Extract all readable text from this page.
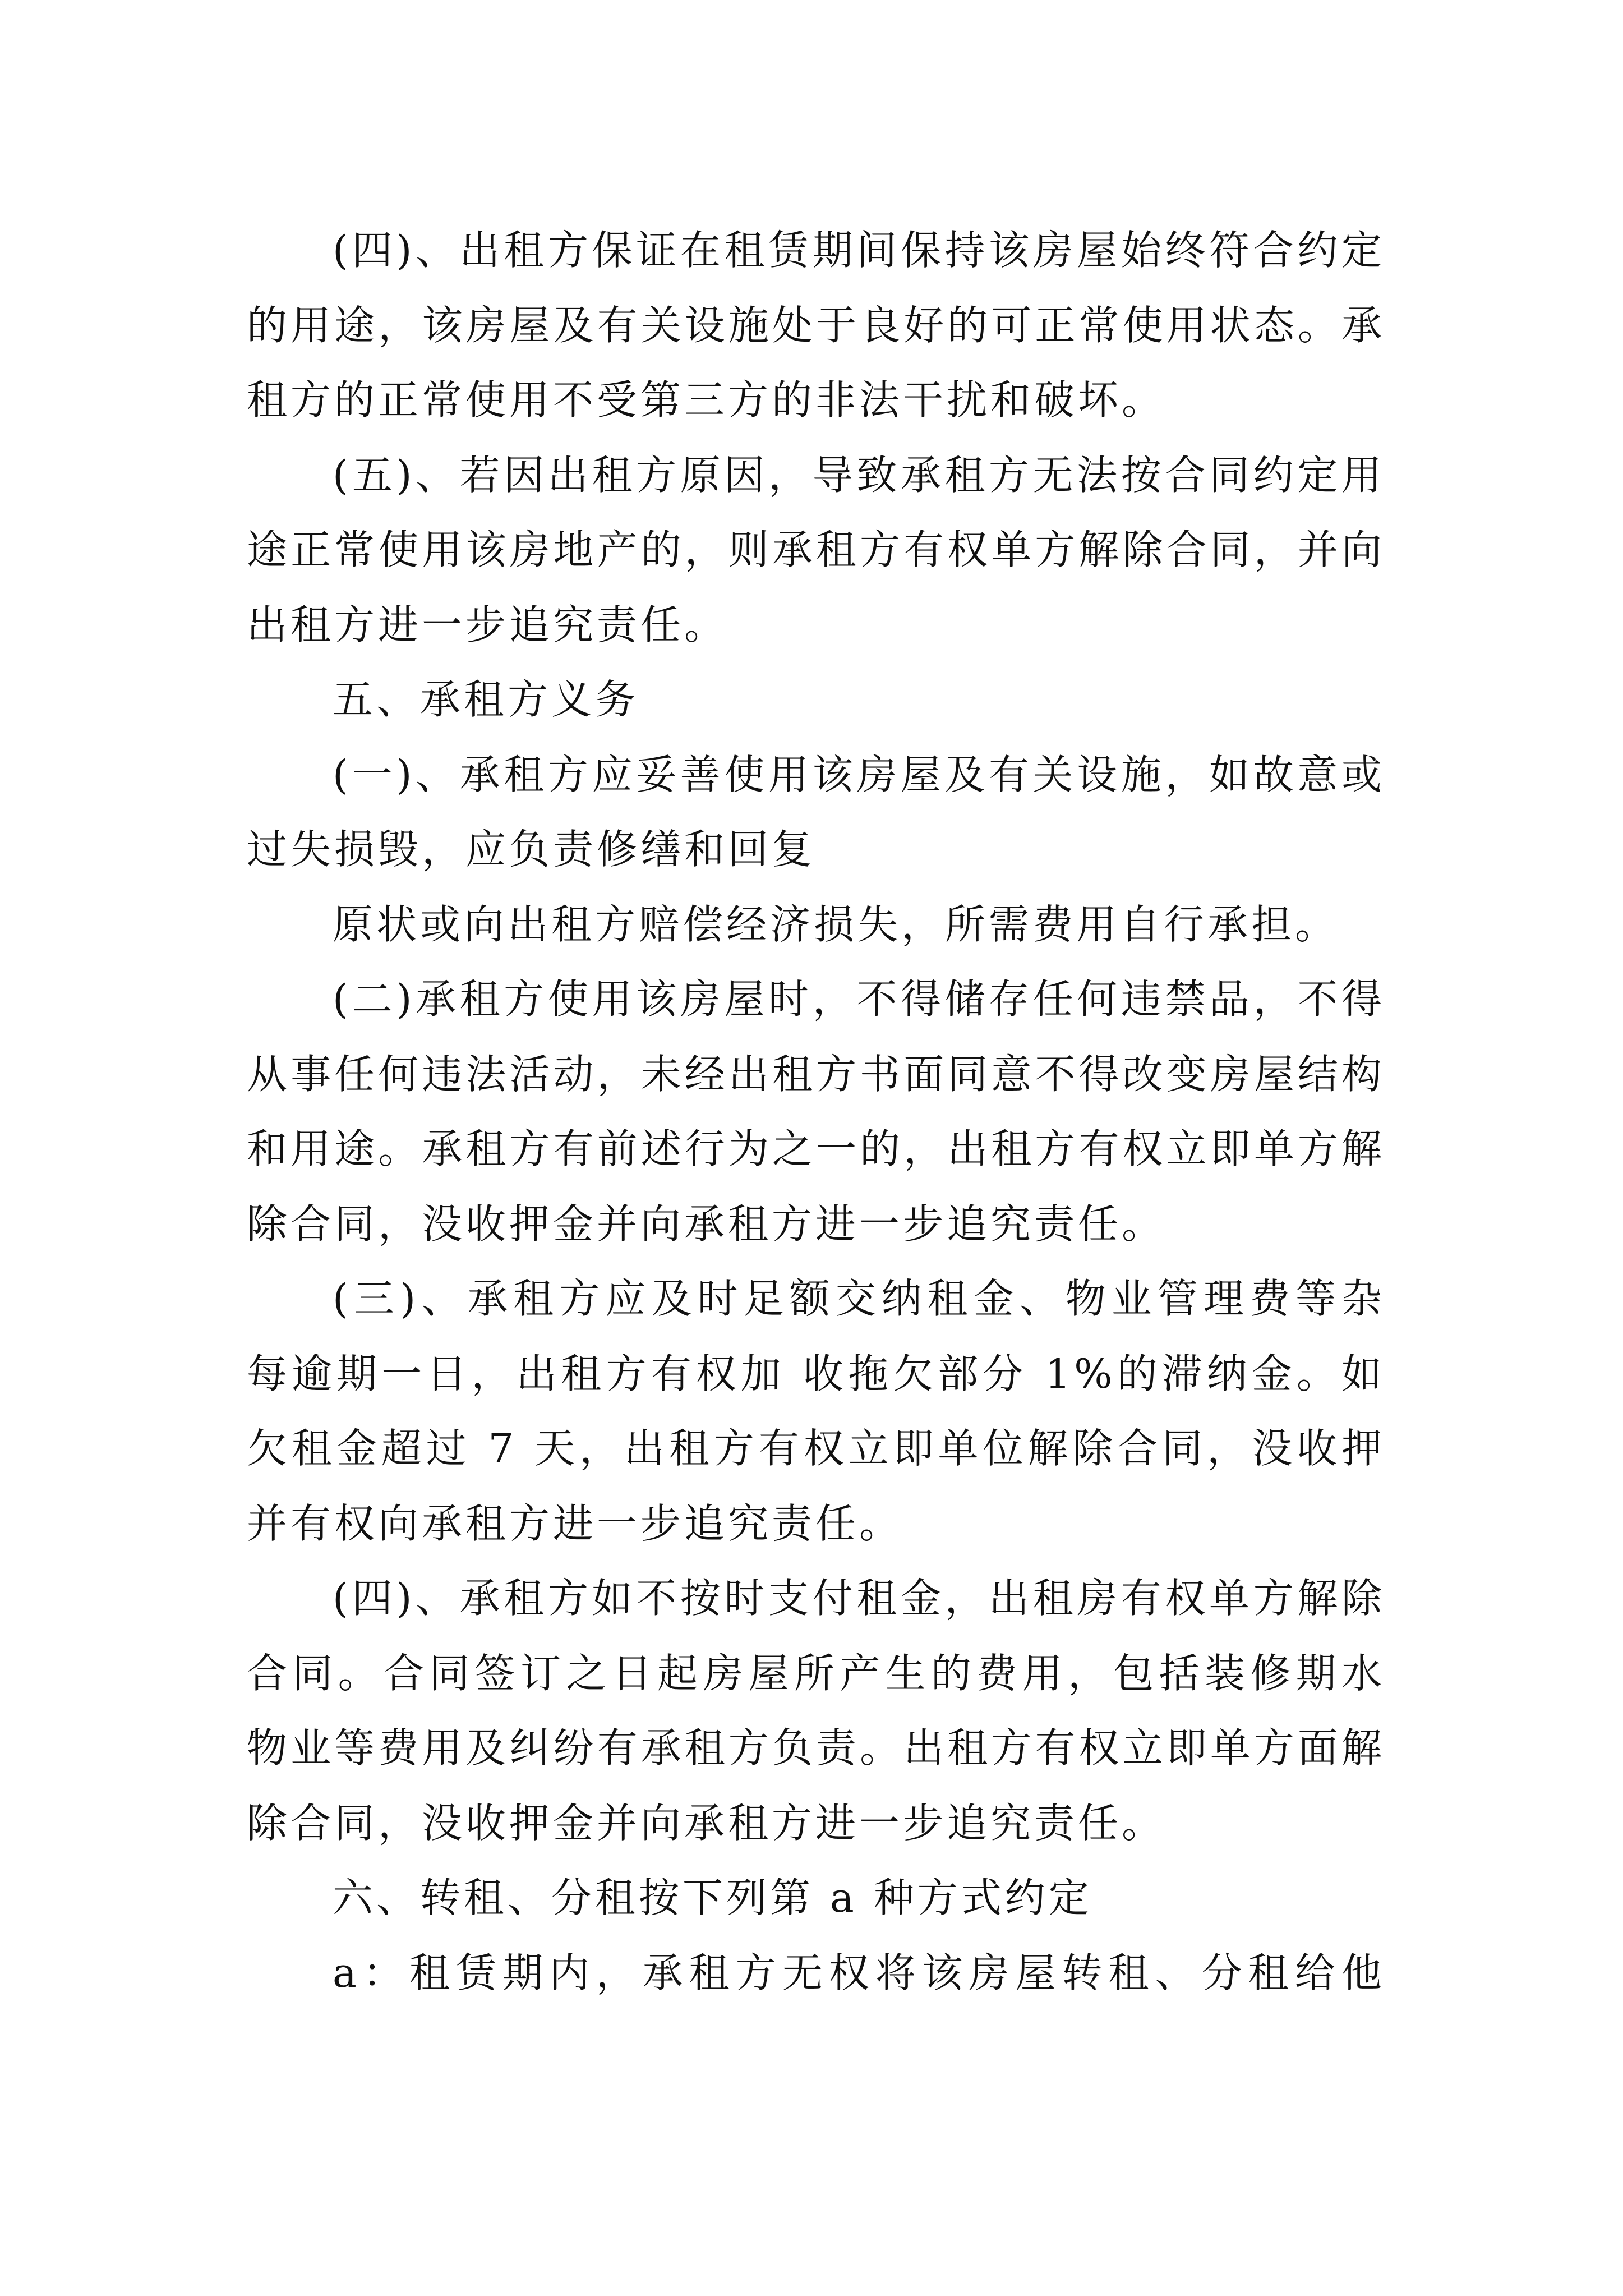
(四)、出租方保证在租赁期间保持该房屋始终符合约定
的用途，该房屋及有关设施处于良好的可正常使用状态。承
租方的正常使用不受第三方的非法干扰和破坏。
(五)、若因出租方原因，导致承租方无法按合同约定用
途正常使用该房地产的，则承租方有权单方解除合同，并向
出租方进一步追究责任。
五、承租方义务
(一)、承租方应妥善使用该房屋及有关设施，如故意或
过失损毁，应负责修缮和回复
原状或向出租方赔偿经济损失，所需费用自行承担。
(二)承租方使用该房屋时，不得储存任何违禁品，不得
从事任何违法活动，未经出租方书面同意不得改变房屋结构
和用途。承租方有前述行为之一的，出租方有权立即单方解
除合同，没收押金并向承租方进一步追究责任。
(三)、承租方应及时足额交纳租金、物业管理费等杂
每逾期一日，出租方有权加 收拖欠部分 1%的滞纳金。如
欠租金超过 7 天，出租方有权立即单位解除合同，没收押
并有权向承租方进一步追究责任。
(四)、承租方如不按时支付租金，出租房有权单方解除
合同。合同签订之日起房屋所产生的费用，包括装修期水
物业等费用及纠纷有承租方负责。出租方有权立即单方面解
除合同，没收押金并向承租方进一步追究责任。
六、转租、分租按下列第 a 种方式约定
a：租赁期内，承租方无权将该房屋转租、分租给他
